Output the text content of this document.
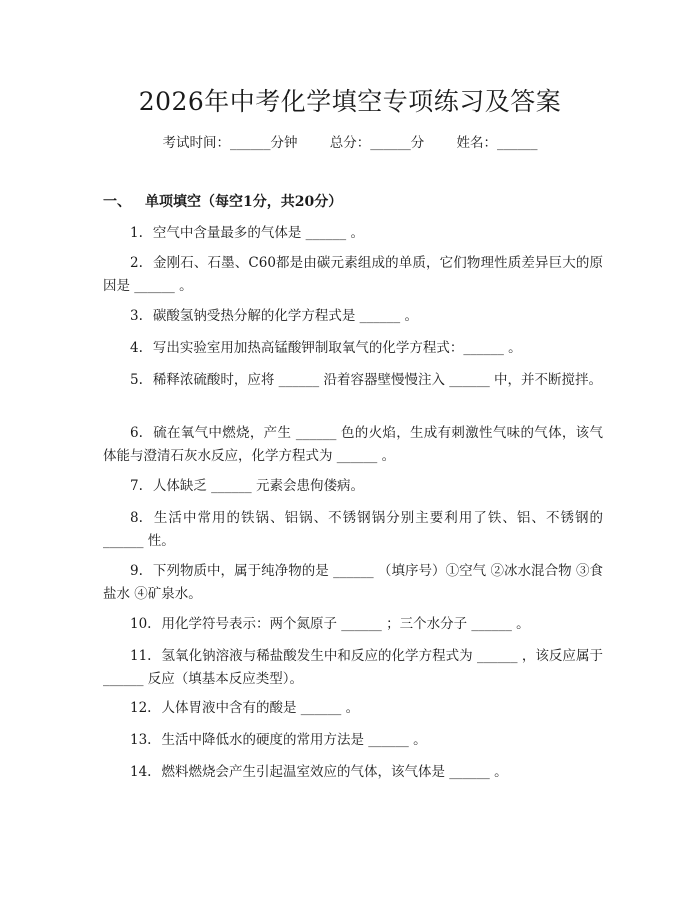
2026年中考化学填空专项练习及答案
考试时间：______分钟 总分：______分 姓名：______
一、 单项填空（每空1分，共20分）
1. 空气中含量最多的气体是 ______ 。
2. 金刚石、石墨、C60都是由碳元素组成的单质，它们物理性质差异巨大的原因是 ______ 。
3. 碳酸氢钠受热分解的化学方程式是 ______ 。
4. 写出实验室用加热高锰酸钾制取氧气的化学方程式：______ 。
5. 稀释浓硫酸时，应将 ______ 沿着容器壁慢慢注入 ______ 中，并不断搅拌。
6. 硫在氧气中燃烧，产生 ______ 色的火焰，生成有刺激性气味的气体，该气体能与澄清石灰水反应，化学方程式为 ______ 。
7. 人体缺乏 ______ 元素会患佝偻病。
8. 生活中常用的铁锅、铝锅、不锈钢锅分别主要利用了铁、铝、不锈钢的 ______ 性。
9. 下列物质中，属于纯净物的是 ______ （填序号）①空气 ②冰水混合物 ③食盐水 ④矿泉水。
10. 用化学符号表示：两个氮原子 ______ ；三个水分子 ______ 。
11. 氢氧化钠溶液与稀盐酸发生中和反应的化学方程式为 ______ ，该反应属于 ______ 反应（填基本反应类型）。
12. 人体胃液中含有的酸是 ______ 。
13. 生活中降低水的硬度的常用方法是 ______ 。
14. 燃料燃烧会产生引起温室效应的气体，该气体是 ______ 。
